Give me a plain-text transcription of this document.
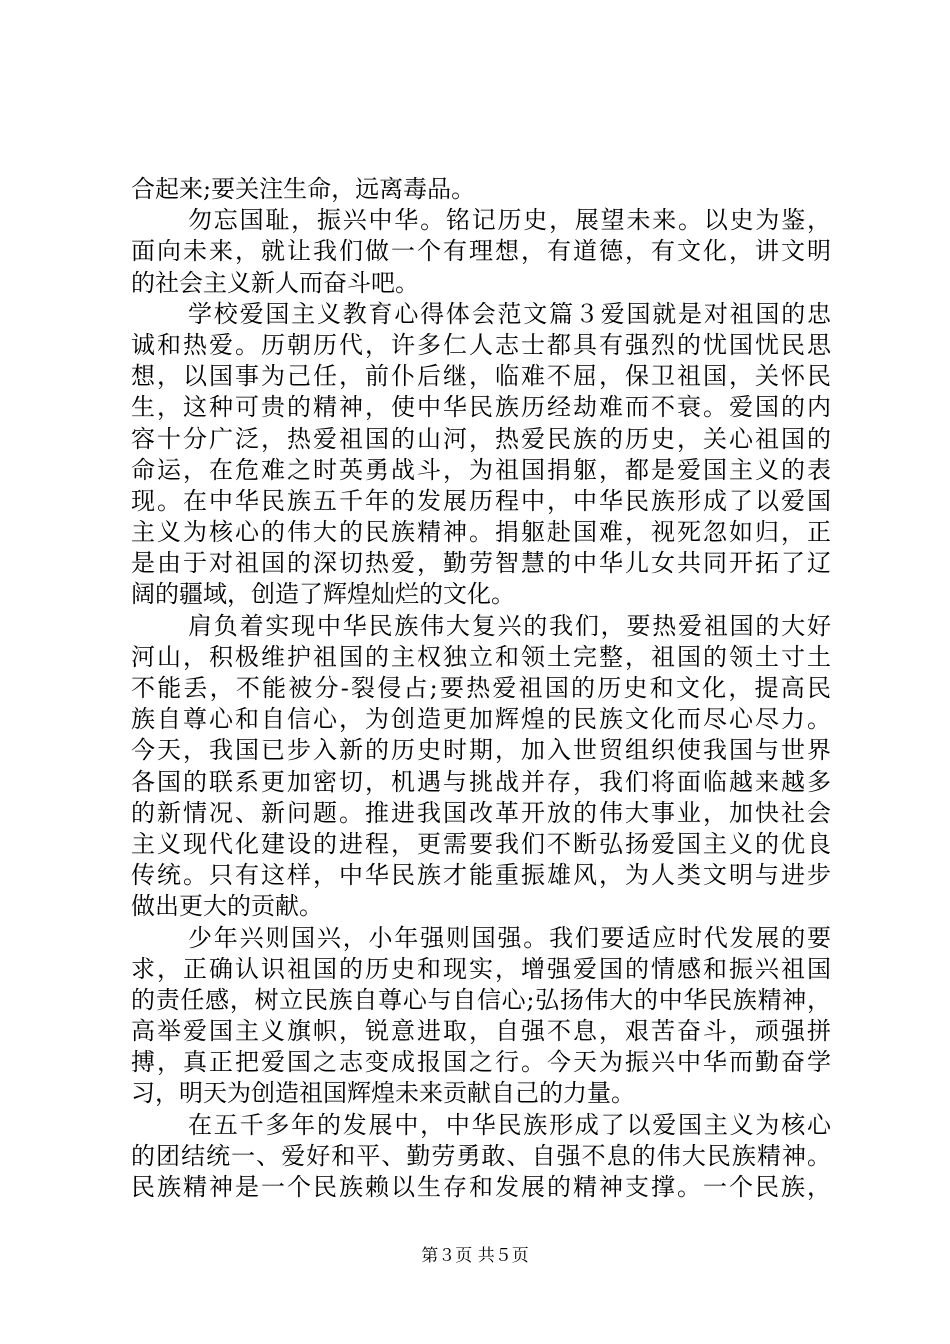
合起来;要关注生命，远离毒品。
勿忘国耻，振兴中华。铭记历史，展望未来。以史为鉴，
面向未来，就让我们做一个有理想，有道德，有文化，讲文明
的社会主义新人而奋斗吧。
学校爱国主义教育心得体会范文篇３爱国就是对祖国的忠
诚和热爱。历朝历代，许多仁人志士都具有强烈的忧国忧民思
想，以国事为己任，前仆后继，临难不屈，保卫祖国，关怀民
生，这种可贵的精神，使中华民族历经劫难而不衰。爱国的内
容十分广泛，热爱祖国的山河，热爱民族的历史，关心祖国的
命运，在危难之时英勇战斗，为祖国捐躯，都是爱国主义的表
现。在中华民族五千年的发展历程中，中华民族形成了以爱国
主义为核心的伟大的民族精神。捐躯赴国难，视死忽如归，正
是由于对祖国的深切热爱，勤劳智慧的中华儿女共同开拓了辽
阔的疆域，创造了辉煌灿烂的文化。
肩负着实现中华民族伟大复兴的我们，要热爱祖国的大好
河山，积极维护祖国的主权独立和领土完整，祖国的领土寸土
不能丢，不能被分-裂侵占;要热爱祖国的历史和文化，提高民
族自尊心和自信心，为创造更加辉煌的民族文化而尽心尽力。
今天，我国已步入新的历史时期，加入世贸组织使我国与世界
各国的联系更加密切，机遇与挑战并存，我们将面临越来越多
的新情况、新问题。推进我国改革开放的伟大事业，加快社会
主义现代化建设的进程，更需要我们不断弘扬爱国主义的优良
传统。只有这样，中华民族才能重振雄风，为人类文明与进步
做出更大的贡献。
少年兴则国兴，小年强则国强。我们要适应时代发展的要
求，正确认识祖国的历史和现实，增强爱国的情感和振兴祖国
的责任感，树立民族自尊心与自信心;弘扬伟大的中华民族精神，
高举爱国主义旗帜，锐意进取，自强不息，艰苦奋斗，顽强拼
搏，真正把爱国之志变成报国之行。今天为振兴中华而勤奋学
习，明天为创造祖国辉煌未来贡献自己的力量。
在五千多年的发展中，中华民族形成了以爱国主义为核心
的团结统一、爱好和平、勤劳勇敢、自强不息的伟大民族精神。
民族精神是一个民族赖以生存和发展的精神支撑。一个民族，
第３页 共５页
